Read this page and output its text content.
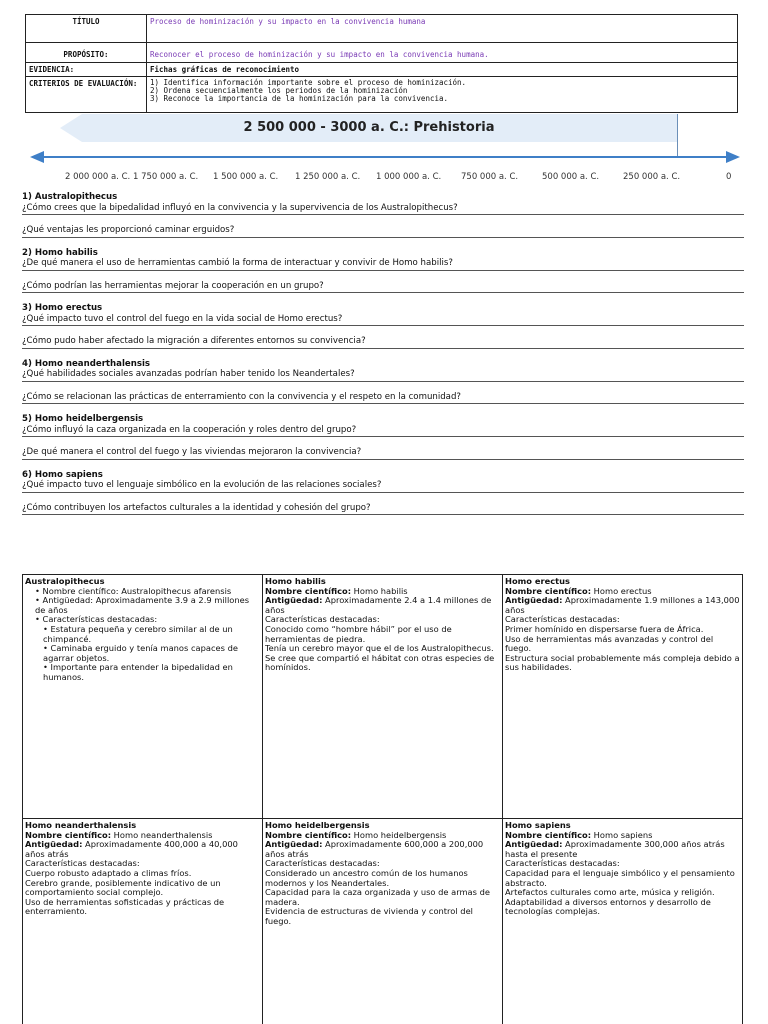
TÍTULO	Proceso de hominización y su impacto en la convivencia humana
PROPÓSITO:	Reconocer el proceso de hominización y su impacto en la convivencia humana.
EVIDENCIA:	Fichas gráficas de reconocimiento
CRITERIOS DE EVALUACIÓN:	1) Identifica información importante sobre el proceso de hominización.
2) Ordena secuencialmente los periodos de la hominización
3) Reconoce la importancia de la hominización para la convivencia.
2 500 000 - 3000 a. C.: Prehistoria
2 000 000 a. C. 1 750 000 a. C. 1 500 000 a. C. 1 250 000 a. C. 1 000 000 a. C. 750 000 a. C.	500 000 a. C.	250 000 a. C.	0
1) Australopithecus
¿Cómo crees que la bipedalidad influyó en la convivencia y la supervivencia de los Australopithecus?
¿Qué ventajas les proporcionó caminar erguidos?
2) Homo habilis
¿De qué manera el uso de herramientas cambió la forma de interactuar y convivir de Homo habilis?
¿Cómo podrían las herramientas mejorar la cooperación en un grupo?
3) Homo erectus
¿Qué impacto tuvo el control del fuego en la vida social de Homo erectus?
¿Cómo pudo haber afectado la migración a diferentes entornos su convivencia?
4) Homo neanderthalensis
¿Qué habilidades sociales avanzadas podrían haber tenido los Neandertales?
¿Cómo se relacionan las prácticas de enterramiento con la convivencia y el respeto en la comunidad?
5) Homo heidelbergensis
¿Cómo influyó la caza organizada en la cooperación y roles dentro del grupo?
¿De qué manera el control del fuego y las viviendas mejoraron la convivencia?
6) Homo sapiens
¿Qué impacto tuvo el lenguaje simbólico en la evolución de las relaciones sociales?
¿Cómo contribuyen los artefactos culturales a la identidad y cohesión del grupo?
Australopithecus
• Nombre científico: Australopithecus afarensis
• Antigüedad: Aproximadamente 3.9 a 2.9 millones de años
• Características destacadas:
• Estatura pequeña y cerebro similar al de un chimpancé.
• Caminaba erguido y tenía manos capaces de agarrar objetos.
• Importante para entender la bipedalidad en humanos.
Homo habilis
Nombre científico: Homo habilis
Antigüedad: Aproximadamente 2.4 a 1.4 millones de años
Características destacadas:
Conocido como “hombre hábil” por el uso de herramientas de piedra.
Tenía un cerebro mayor que el de los Australopithecus.
Se cree que compartió el hábitat con otras especies de homínidos.
Homo erectus
Nombre científico: Homo erectus
Antigüedad: Aproximadamente 1.9 millones a 143,000 años
Características destacadas:
Primer homínido en dispersarse fuera de África.
Uso de herramientas más avanzadas y control del fuego.
Estructura social probablemente más compleja debido a sus habilidades.
Homo neanderthalensis
Nombre científico: Homo neanderthalensis
Antigüedad: Aproximadamente 400,000 a 40,000 años atrás
Características destacadas:
Cuerpo robusto adaptado a climas fríos.
Cerebro grande, posiblemente indicativo de un comportamiento social complejo.
Uso de herramientas sofisticadas y prácticas de enterramiento.
Homo heidelbergensis
Nombre científico: Homo heidelbergensis
Antigüedad: Aproximadamente 600,000 a 200,000 años atrás
Características destacadas:
Considerado un ancestro común de los humanos modernos y los Neandertales.
Capacidad para la caza organizada y uso de armas de madera.
Evidencia de estructuras de vivienda y control del fuego.
Homo sapiens
Nombre científico: Homo sapiens
Antigüedad: Aproximadamente 300,000 años atrás hasta el presente
Características destacadas:
Capacidad para el lenguaje simbólico y el pensamiento abstracto.
Artefactos culturales como arte, música y religión.
Adaptabilidad a diversos entornos y desarrollo de tecnologías complejas.
